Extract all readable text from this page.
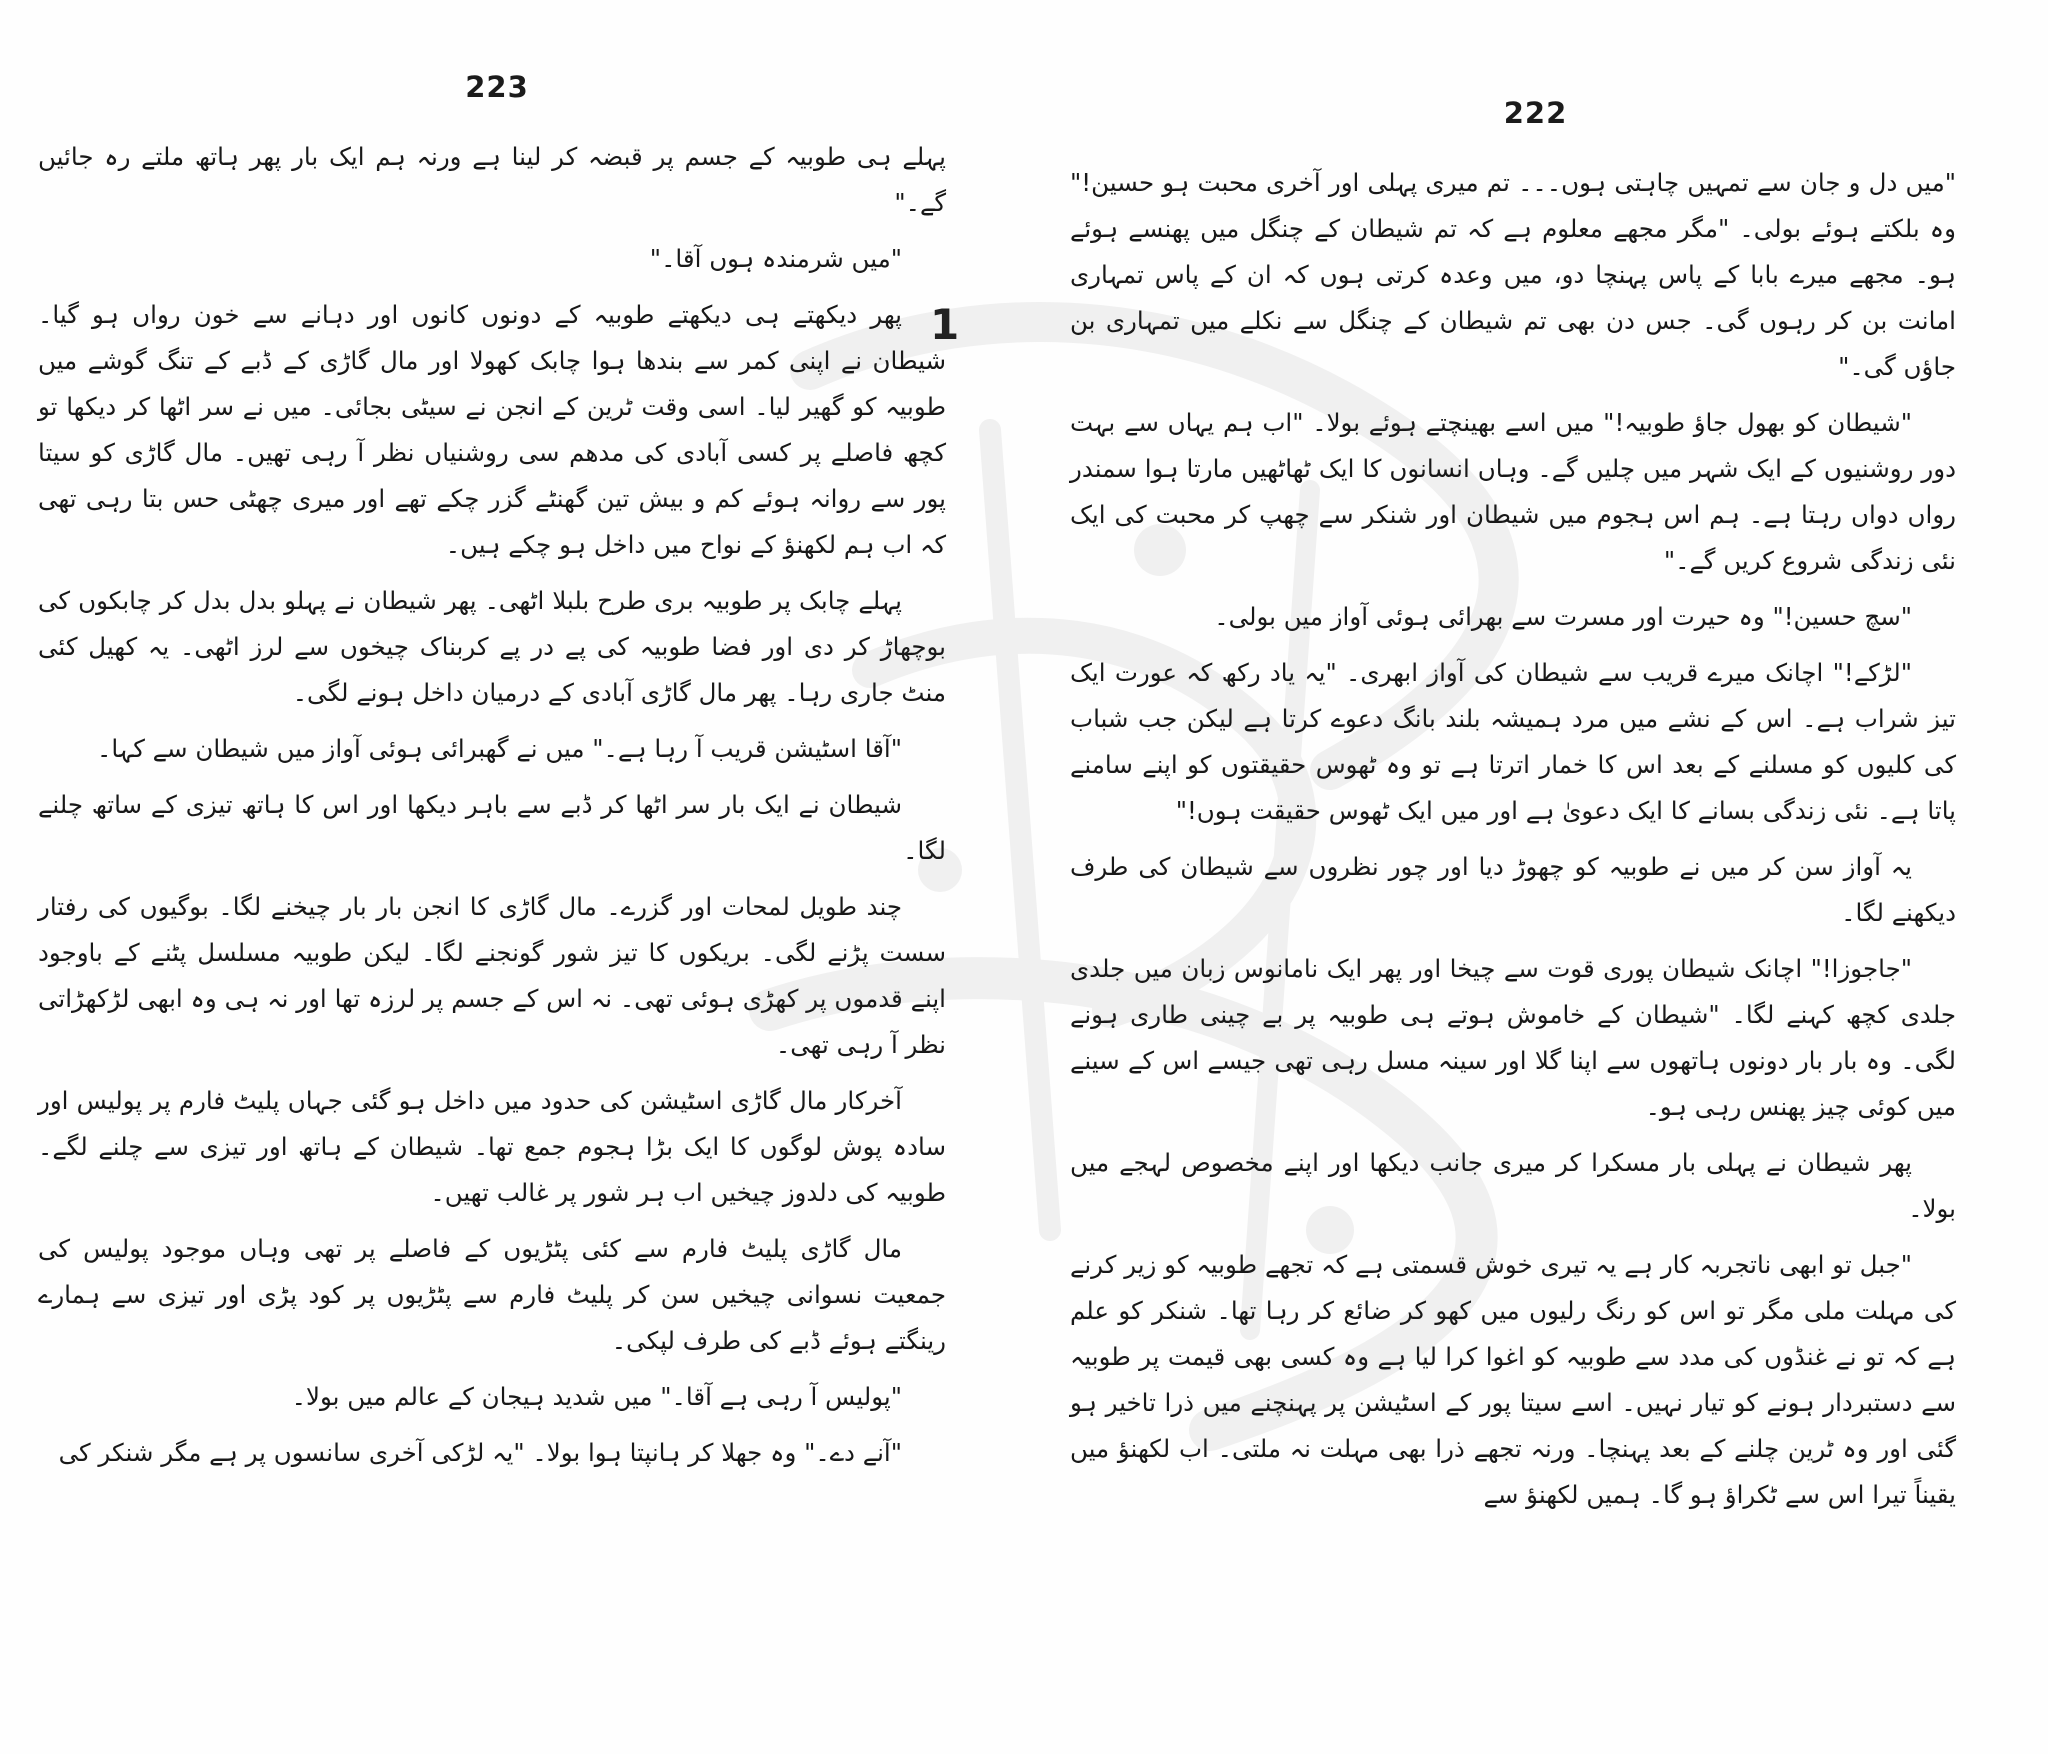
223

پہلے ہی طوبیہ کے جسم پر قبضہ کر لینا ہے ورنہ ہم ایک بار پھر ہاتھ ملتے رہ جائیں گے۔"

"میں شرمندہ ہوں آقا۔"

پھر دیکھتے ہی دیکھتے طوبیہ کے دونوں کانوں اور دہانے سے خون رواں ہو گیا۔ شیطان نے اپنی کمر سے بندھا ہوا چابک کھولا اور مال گاڑی کے ڈبے کے تنگ گوشے میں طوبیہ کو گھیر لیا۔ اسی وقت ٹرین کے انجن نے سیٹی بجائی۔ میں نے سر اٹھا کر دیکھا تو کچھ فاصلے پر کسی آبادی کی مدھم سی روشنیاں نظر آ رہی تھیں۔ مال گاڑی کو سیتا پور سے روانہ ہوئے کم و بیش تین گھنٹے گزر چکے تھے اور میری چھٹی حس بتا رہی تھی کہ اب ہم لکھنؤ کے نواح میں داخل ہو چکے ہیں۔

پہلے چابک پر طوبیہ بری طرح بلبلا اٹھی۔ پھر شیطان نے پہلو بدل بدل کر چابکوں کی بوچھاڑ کر دی اور فضا طوبیہ کی پے در پے کربناک چیخوں سے لرز اٹھی۔ یہ کھیل کئی منٹ جاری رہا۔ پھر مال گاڑی آبادی کے درمیان داخل ہونے لگی۔

"آقا اسٹیشن قریب آ رہا ہے۔" میں نے گھبرائی ہوئی آواز میں شیطان سے کہا۔

شیطان نے ایک بار سر اٹھا کر ڈبے سے باہر دیکھا اور اس کا ہاتھ تیزی کے ساتھ چلنے لگا۔

چند طویل لمحات اور گزرے۔ مال گاڑی کا انجن بار بار چیخنے لگا۔ بوگیوں کی رفتار سست پڑنے لگی۔ بریکوں کا تیز شور گونجنے لگا۔ لیکن طوبیہ مسلسل پٹنے کے باوجود اپنے قدموں پر کھڑی ہوئی تھی۔ نہ اس کے جسم پر لرزہ تھا اور نہ ہی وہ ابھی لڑکھڑاتی نظر آ رہی تھی۔

آخرکار مال گاڑی اسٹیشن کی حدود میں داخل ہو گئی جہاں پلیٹ فارم پر پولیس اور سادہ پوش لوگوں کا ایک بڑا ہجوم جمع تھا۔ شیطان کے ہاتھ اور تیزی سے چلنے لگے۔ طوبیہ کی دلدوز چیخیں اب ہر شور پر غالب تھیں۔

مال گاڑی پلیٹ فارم سے کئی پٹڑیوں کے فاصلے پر تھی وہاں موجود پولیس کی جمعیت نسوانی چیخیں سن کر پلیٹ فارم سے پٹڑیوں پر کود پڑی اور تیزی سے ہمارے رینگتے ہوئے ڈبے کی طرف لپکی۔

"پولیس آ رہی ہے آقا۔" میں شدید ہیجان کے عالم میں بولا۔

"آنے دے۔" وہ جھلا کر ہانپتا ہوا بولا۔ "یہ لڑکی آخری سانسوں پر ہے مگر شنکر کی

1
222

"میں دل و جان سے تمہیں چاہتی ہوں۔۔۔ تم میری پہلی اور آخری محبت ہو حسین!" وہ بلکتے ہوئے بولی۔ "مگر مجھے معلوم ہے کہ تم شیطان کے چنگل میں پھنسے ہوئے ہو۔ مجھے میرے بابا کے پاس پہنچا دو، میں وعدہ کرتی ہوں کہ ان کے پاس تمہاری امانت بن کر رہوں گی۔ جس دن بھی تم شیطان کے چنگل سے نکلے میں تمہاری بن جاؤں گی۔"

"شیطان کو بھول جاؤ طوبیہ!" میں اسے بھینچتے ہوئے بولا۔ "اب ہم یہاں سے بہت دور روشنیوں کے ایک شہر میں چلیں گے۔ وہاں انسانوں کا ایک ٹھاٹھیں مارتا ہوا سمندر رواں دواں رہتا ہے۔ ہم اس ہجوم میں شیطان اور شنکر سے چھپ کر محبت کی ایک نئی زندگی شروع کریں گے۔"

"سچ حسین!" وہ حیرت اور مسرت سے بھرائی ہوئی آواز میں بولی۔

"لڑکے!" اچانک میرے قریب سے شیطان کی آواز ابھری۔ "یہ یاد رکھ کہ عورت ایک تیز شراب ہے۔ اس کے نشے میں مرد ہمیشہ بلند بانگ دعوے کرتا ہے لیکن جب شباب کی کلیوں کو مسلنے کے بعد اس کا خمار اترتا ہے تو وہ ٹھوس حقیقتوں کو اپنے سامنے پاتا ہے۔ نئی زندگی بسانے کا ایک دعویٰ ہے اور میں ایک ٹھوس حقیقت ہوں!"

یہ آواز سن کر میں نے طوبیہ کو چھوڑ دیا اور چور نظروں سے شیطان کی طرف دیکھنے لگا۔

"جاجوزا!" اچانک شیطان پوری قوت سے چیخا اور پھر ایک نامانوس زبان میں جلدی جلدی کچھ کہنے لگا۔ "شیطان کے خاموش ہوتے ہی طوبیہ پر بے چینی طاری ہونے لگی۔ وہ بار بار دونوں ہاتھوں سے اپنا گلا اور سینہ مسل رہی تھی جیسے اس کے سینے میں کوئی چیز پھنس رہی ہو۔

پھر شیطان نے پہلی بار مسکرا کر میری جانب دیکھا اور اپنے مخصوص لہجے میں بولا۔

"جبل تو ابھی ناتجربہ کار ہے یہ تیری خوش قسمتی ہے کہ تجھے طوبیہ کو زیر کرنے کی مہلت ملی مگر تو اس کو رنگ رلیوں میں کھو کر ضائع کر رہا تھا۔ شنکر کو علم ہے کہ تو نے غنڈوں کی مدد سے طوبیہ کو اغوا کرا لیا ہے وہ کسی بھی قیمت پر طوبیہ سے دستبردار ہونے کو تیار نہیں۔ اسے سیتا پور کے اسٹیشن پر پہنچنے میں ذرا تاخیر ہو گئی اور وہ ٹرین چلنے کے بعد پہنچا۔ ورنہ تجھے ذرا بھی مہلت نہ ملتی۔ اب لکھنؤ میں یقیناً تیرا اس سے ٹکراؤ ہو گا۔ ہمیں لکھنؤ سے
